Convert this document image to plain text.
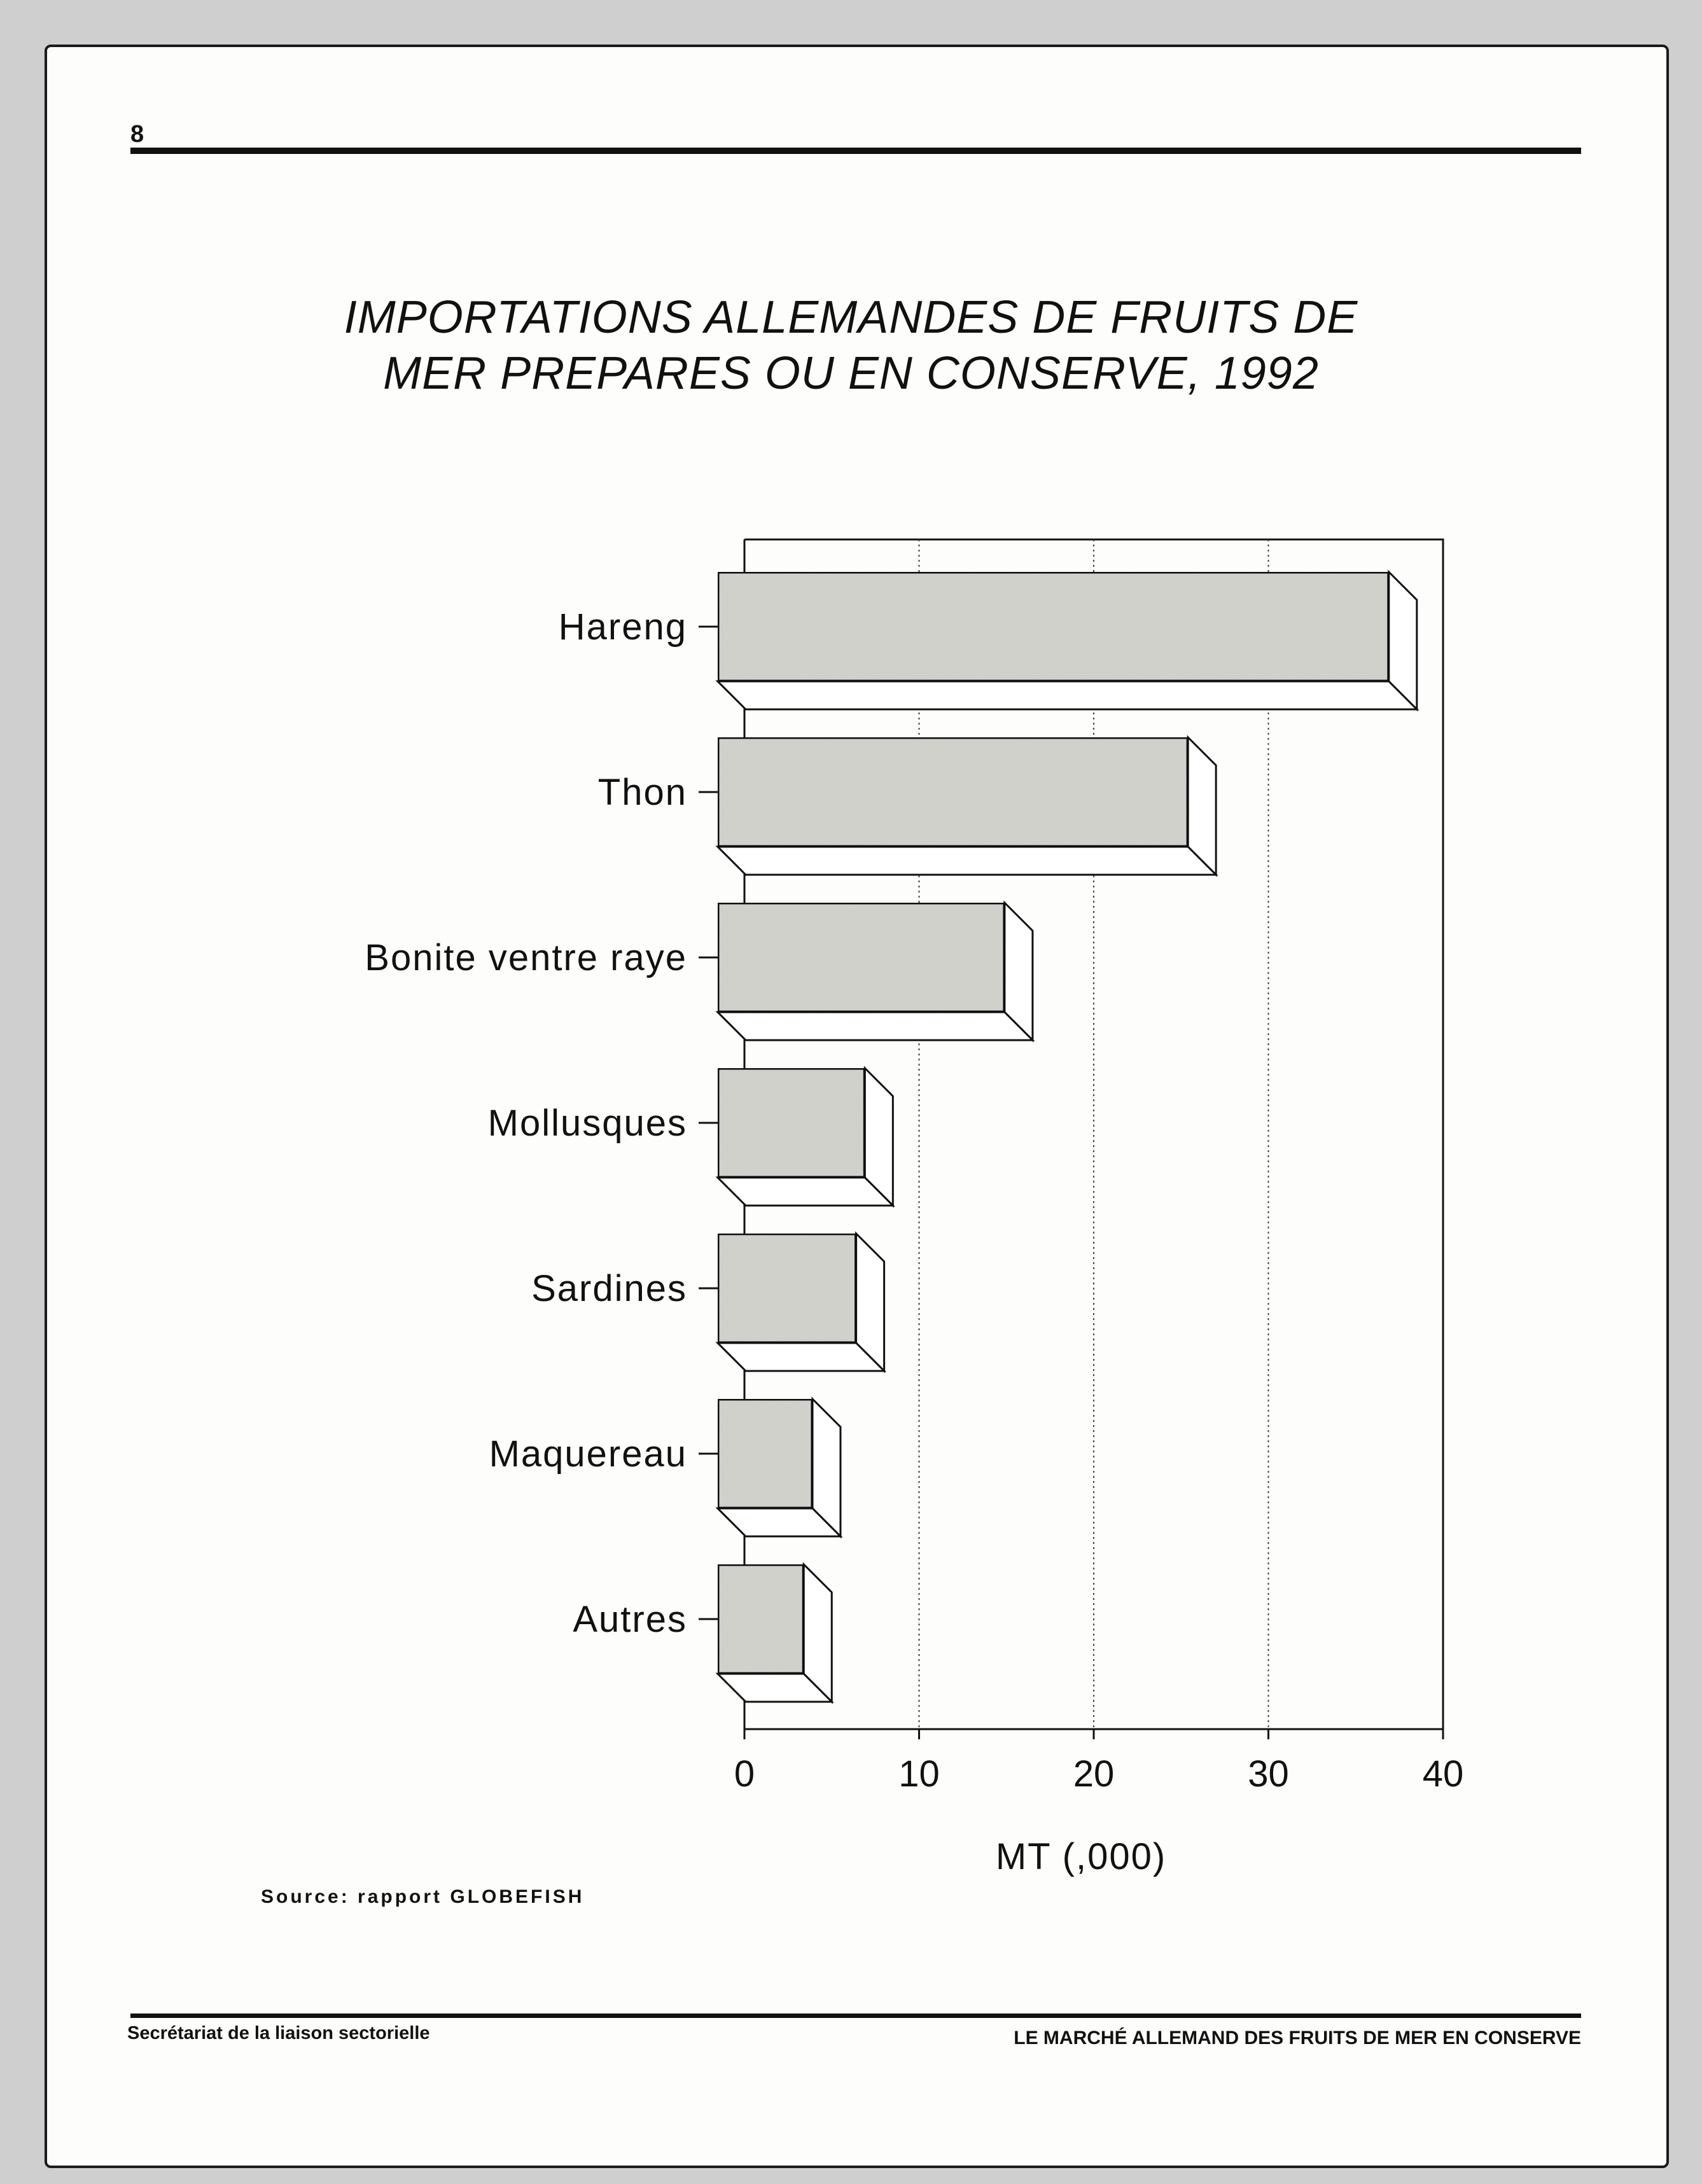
8
IMPORTATIONS ALLEMANDES DE FRUITS DE
MER PREPARES OU EN CONSERVE, 1992
0	10	20	30	40
MT (,000)
Hareng
Thon
Bonite ventre raye
Mollusques
Sardines
Maquereau
Autres
Source: rapport GLOBEFISH
Secrétariat de la liaison sectorielle	LE MARCHÉ ALLEMAND DES FRUITS DE MER EN CONSERVE
